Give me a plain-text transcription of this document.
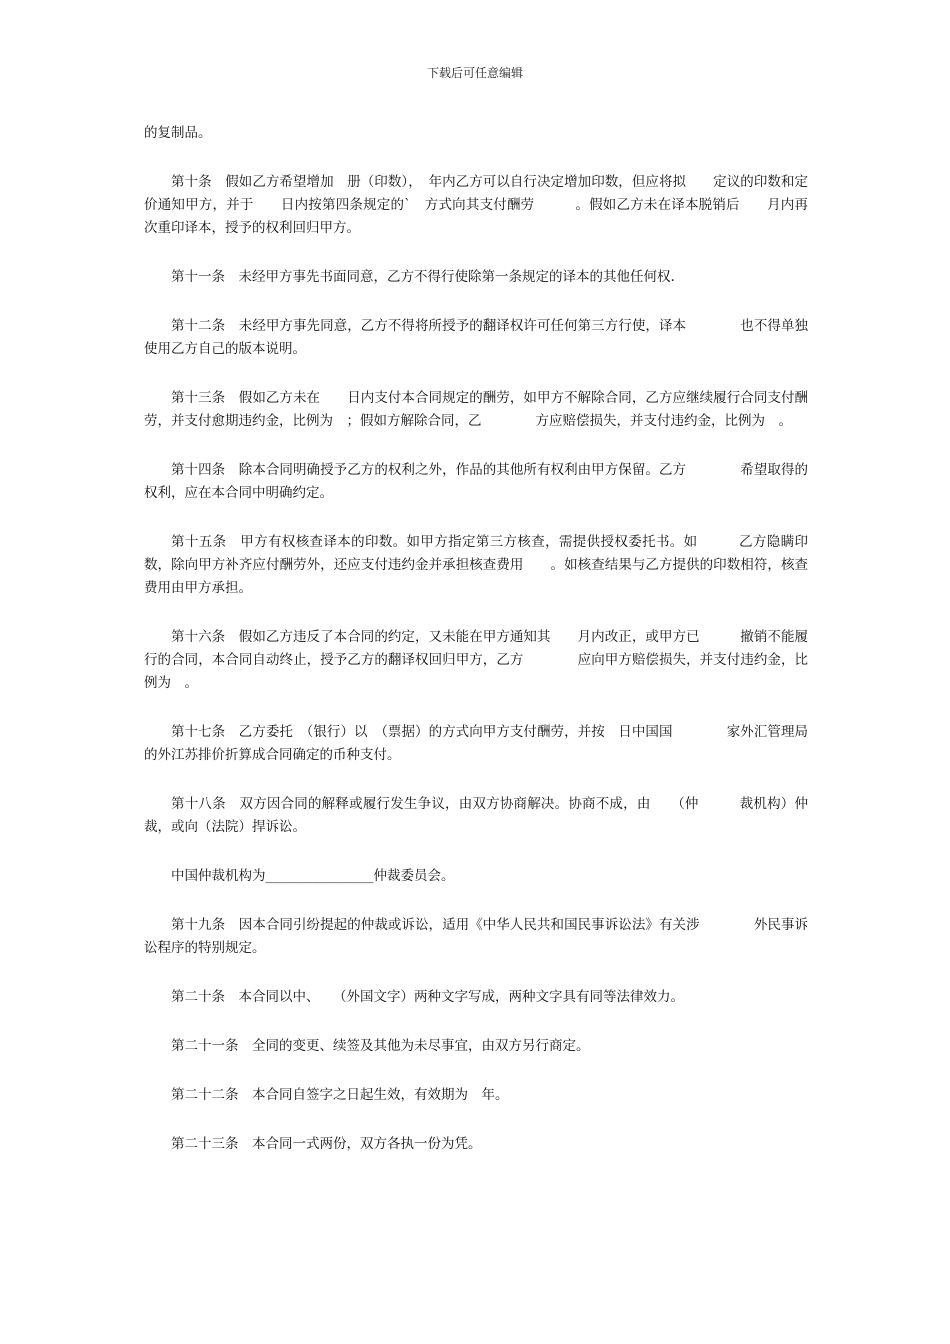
下载后可任意编辑

的复制品。

第十条　假如乙方希望增加　册（印数），　年内乙方可以自行决定增加印数，但应将拟　　定议的印数和定价通知甲方，并于　　日内按第四条规定的`　方式向其支付酬劳　　　。假如乙方未在译本脱销后　　月内再次重印译本，授予的权利回归甲方。

第十一条　未经甲方事先书面同意，乙方不得行使除第一条规定的译本的其他任何权.

第十二条　未经甲方事先同意，乙方不得将所授予的翻译权许可任何第三方行使，译本　　　　也不得单独使用乙方自己的版本说明。

第十三条　假如乙方未在　　日内支付本合同规定的酬劳，如甲方不解除合同，乙方应继续履行合同支付酬劳，并支付愈期违约金，比例为　；假如方解除合同，乙　　　　方应赔偿损失，并支付违约金，比例为　。

第十四条　除本合同明确授予乙方的权利之外，作品的其他所有权利由甲方保留。乙方　　　　希望取得的权利，应在本合同中明确约定。

第十五条　甲方有权核查译本的印数。如甲方指定第三方核查，需提供授权委托书。如　　　乙方隐瞒印数，除向甲方补齐应付酬劳外，还应支付违约金并承担核查费用　　。如核查结果与乙方提供的印数相符，核查费用由甲方承担。

第十六条　假如乙方违反了本合同的约定，又未能在甲方通知其　　月内改正，或甲方已　　　撤销不能履行的合同，本合同自动终止，授予乙方的翻译权回归甲方，乙方　　　　应向甲方赔偿损失，并支付违约金，比例为　。

第十七条　乙方委托　（银行）以　（票据）的方式向甲方支付酬劳，并按　日中国国　　　　家外汇管理局的外江苏排价折算成合同确定的币种支付。

第十八条　双方因合同的解释或履行发生争议，由双方协商解决。协商不成，由　　（仲　　　裁机构）仲裁，或向（法院）捍诉讼。

中国仲裁机构为________________仲裁委员会。

第十九条　因本合同引纷提起的仲裁或诉讼，适用《中华人民共和国民事诉讼法》有关涉　　　　外民事诉讼程序的特别规定。

第二十条　本合同以中、　　（外国文字）两种文字写成，两种文字具有同等法律效力。

第二十一条　全同的变更、续签及其他为未尽事宜，由双方另行商定。

第二十二条　本合同自签字之日起生效，有效期为　年。

第二十三条　本合同一式两份，双方各执一份为凭。
